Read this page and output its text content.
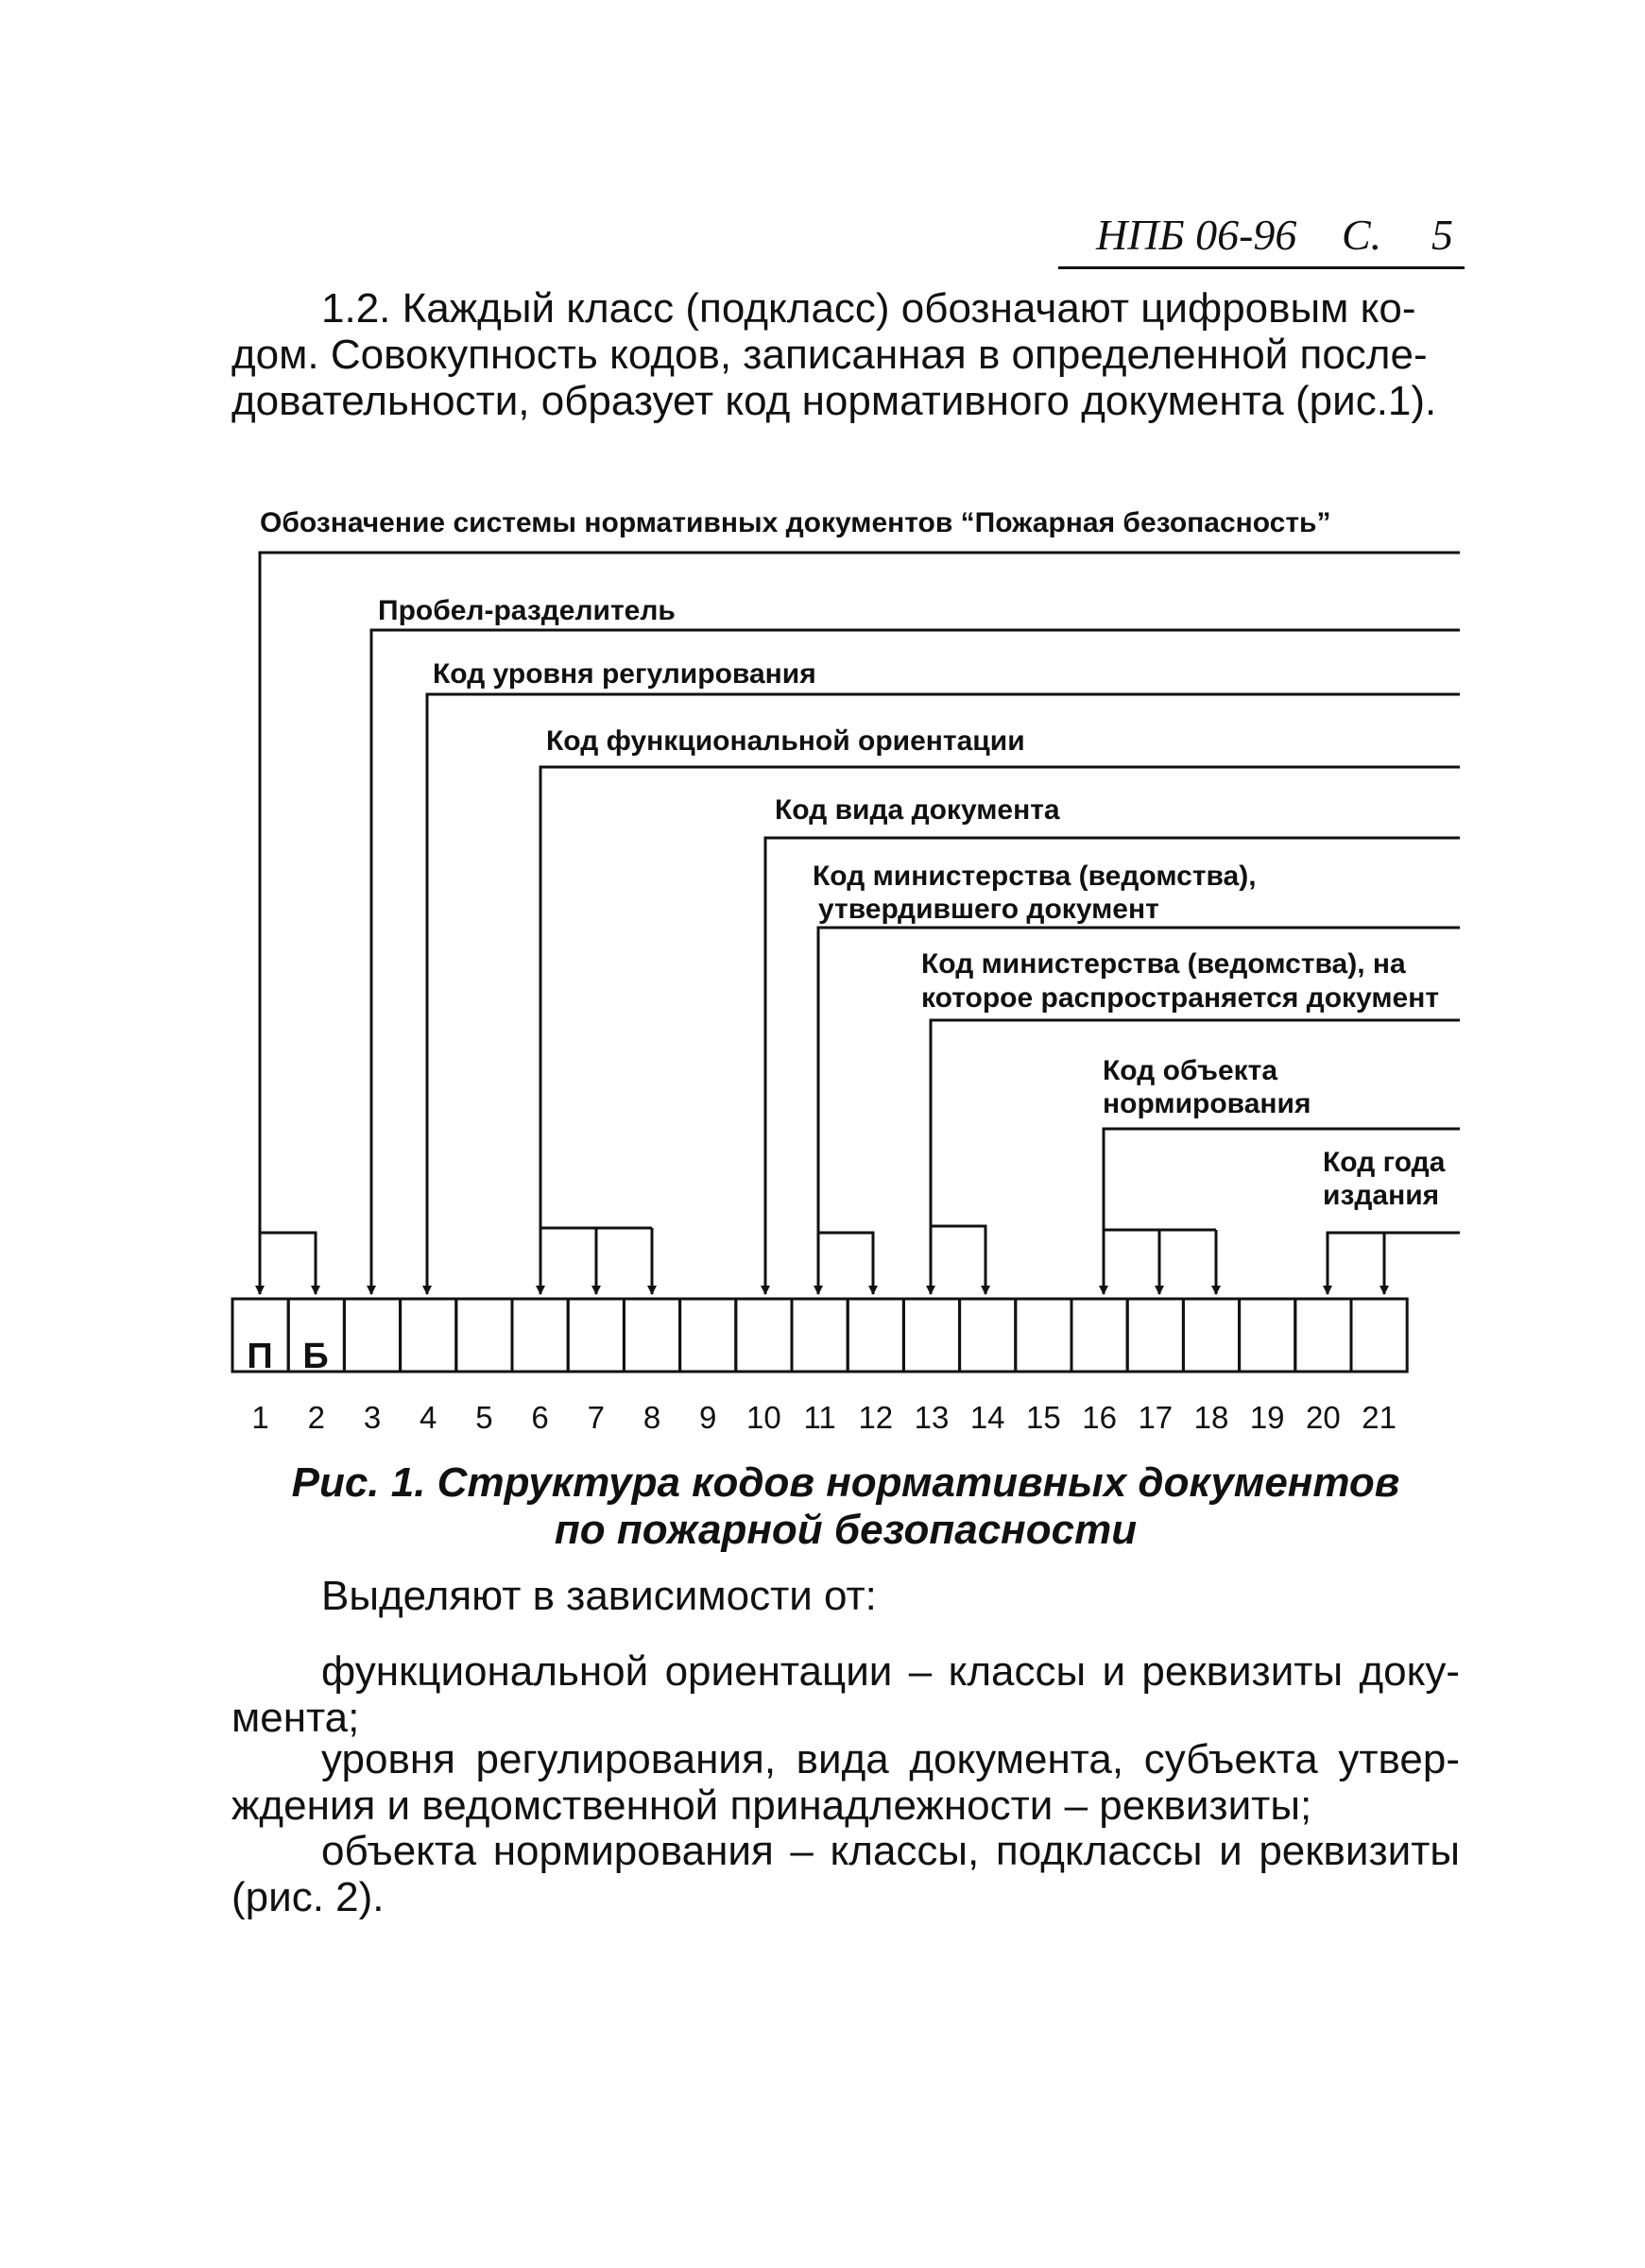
НПБ 06-96 С. 5
1.2. Каждый класс (подкласс) обозначают цифровым ко-
дом. Совокупность кодов, записанная в определенной после-
довательности, образует код нормативного документа (рис.1).
Обозначение системы нормативных документов “Пожарная безопасность”
Пробел-разделитель
Код уровня регулирования
Код функциональной ориентации
Код вида документа
Код министерства (ведомства),
утвердившего документ
Код министерства (ведомства), на
которое распространяется документ
Код объекта
нормирования
Код года
издания
П Б
1 2 3 4 5 6 7 8 9 10 11 12 13 14 15 16 17 18 19 20 21
Рис. 1. Структура кодов нормативных документов
по пожарной безопасности

Выделяют в зависимости от:

функциональной ориентации – классы и реквизиты доку-мента;

уровня регулирования, вида документа, субъекта утвер-ждения и ведомственной принадлежности – реквизиты;

объекта нормирования – классы, подклассы и реквизиты (рис. 2).
